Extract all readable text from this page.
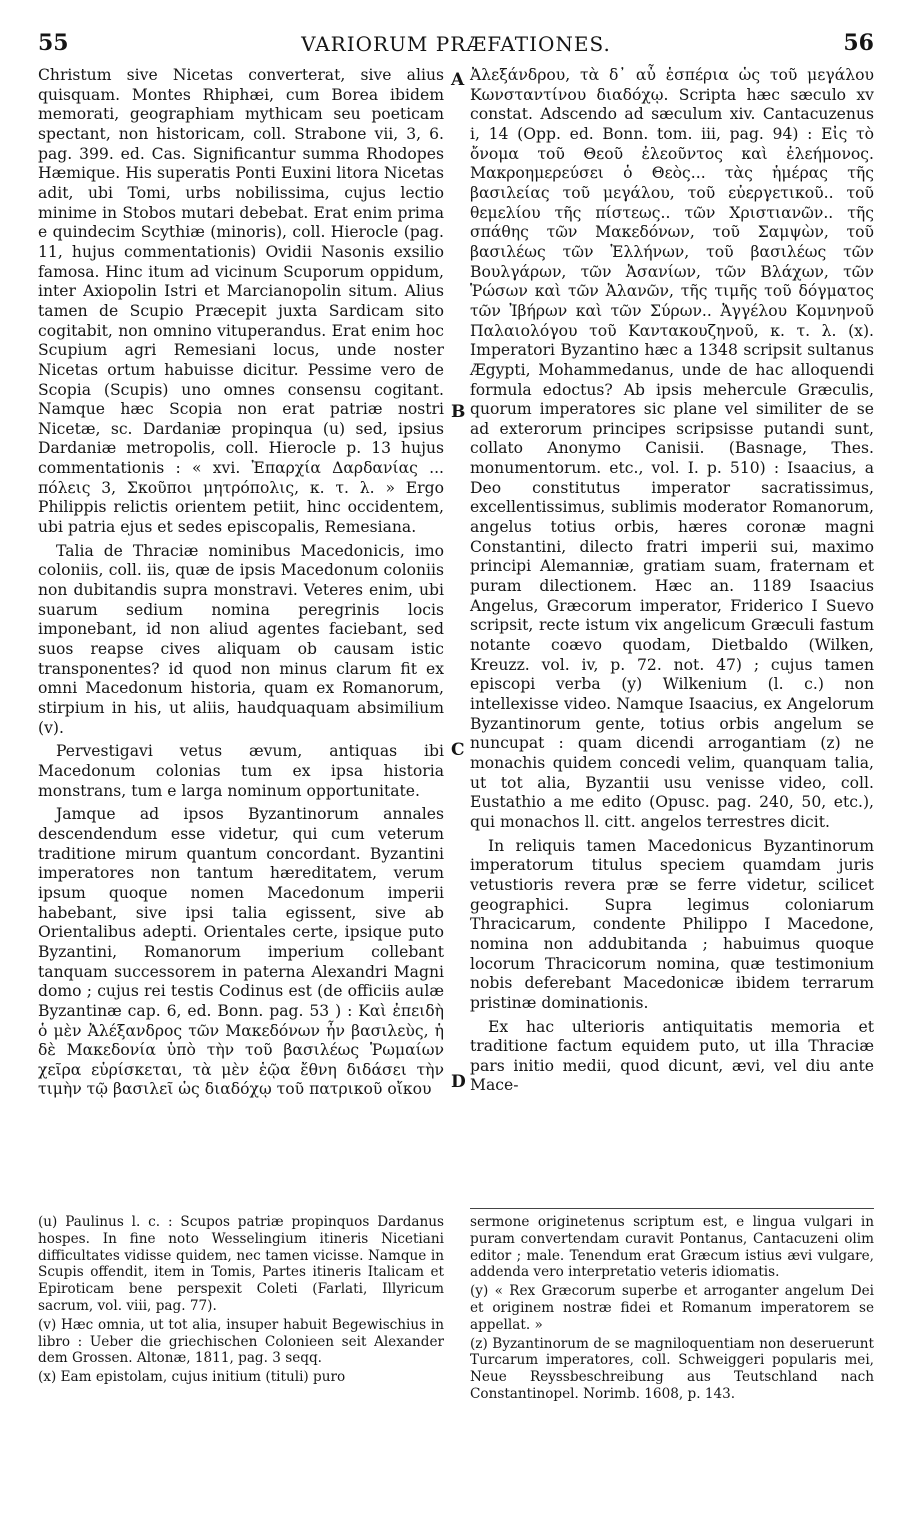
55	VARIORUM PRÆFATIONES.	56
A
B
C
D

Christum sive Nicetas converterat, sive alius quisquam. Montes Rhiphæi, cum Borea ibidem memorati, geographiam mythicam seu poeticam spectant, non historicam, coll. Strabone vii, 3, 6. pag. 399. ed. Cas. Significantur summa Rhodopes Hæmique. His superatis Ponti Euxini litora Nicetas adit, ubi Tomi, urbs nobilissima, cujus lectio minime in Stobos mutari debebat. Erat enim prima e quindecim Scythiæ (minoris), coll. Hierocle (pag. 11, hujus commentationis) Ovidii Nasonis exsilio famosa. Hinc itum ad vicinum Scuporum oppidum, inter Axiopolin Istri et Marcianopolin situm. Alius tamen de Scupio Præcepit juxta Sardicam sito cogitabit, non omnino vituperandus. Erat enim hoc Scupium agri Remesiani locus, unde noster Nicetas ortum habuisse dicitur. Pessime vero de Scopia (Scupis) uno omnes consensu cogitant. Namque hæc Scopia non erat patriæ nostri Nicetæ, sc. Dardaniæ propinqua (u) sed, ipsius Dardaniæ metropolis, coll. Hierocle p. 13 hujus commentationis : « xvi. Ἐπαρχία Δαρδανίας ... πόλεις 3, Σκοῦποι μητρόπολις, κ. τ. λ. » Ergo Philippis relictis orientem petiit, hinc occidentem, ubi patria ejus et sedes episcopalis, Remesiana.

Talia de Thraciæ nominibus Macedonicis, imo coloniis, coll. iis, quæ de ipsis Macedonum coloniis non dubitandis supra monstravi. Veteres enim, ubi suarum sedium nomina peregrinis locis imponebant, id non aliud agentes faciebant, sed suos reapse cives aliquam ob causam istic transponentes? id quod non minus clarum fit ex omni Macedonum historia, quam ex Romanorum, stirpium in his, ut aliis, haudquaquam absimilium (v).

Pervestigavi vetus ævum, antiquas ibi Macedonum colonias tum ex ipsa historia monstrans, tum e larga nominum opportunitate.

Jamque ad ipsos Byzantinorum annales descendendum esse videtur, qui cum veterum traditione mirum quantum concordant. Byzantini imperatores non tantum hæreditatem, verum ipsum quoque nomen Macedonum imperii habebant, sive ipsi talia egissent, sive ab Orientalibus adepti. Orientales certe, ipsique puto Byzantini, Romanorum imperium collebant tanquam successorem in paterna Alexandri Magni domo ; cujus rei testis Codinus est (de officiis aulæ Byzantinæ cap. 6, ed. Bonn. pag. 53 ) : Καὶ ἐπειδὴ ὁ μὲν Ἀλέξανδρος τῶν Μακεδόνων ἦν βασιλεὺς, ἡ δὲ Μακεδονία ὑπὸ τὴν τοῦ βασιλέως Ῥωμαίων χεῖρα εὑρίσκεται, τὰ μὲν ἑῷα ἔθνη διδάσει τὴν τιμὴν τῷ βασιλεῖ ὡς διαδόχῳ τοῦ πατρικοῦ οἴκου

Ἀλεξάνδρου, τὰ δ᾽ αὖ ἑσπέρια ὡς τοῦ μεγάλου Κωνσταντίνου διαδόχῳ. Scripta hæc sæculo xv constat. Adscendo ad sæculum xiv. Cantacuzenus i, 14 (Opp. ed. Bonn. tom. iii, pag. 94) : Εἰς τὸ ὄνομα τοῦ Θεοῦ ἐλεοῦντος καὶ ἐλεήμονος. Μακροημερεύσει ὁ Θεὸς... τὰς ἡμέρας τῆς βασιλείας τοῦ μεγάλου, τοῦ εὐεργετικοῦ.. τοῦ θεμελίου τῆς πίστεως.. τῶν Χριστιανῶν.. τῆς σπάθης τῶν Μακεδόνων, τοῦ Σαμψὼν, τοῦ βασιλέως τῶν Ἑλλήνων, τοῦ βασιλέως τῶν Βουλγάρων, τῶν Ἀσανίων, τῶν Βλάχων, τῶν Ῥώσων καὶ τῶν Ἀλανῶν, τῆς τιμῆς τοῦ δόγματος τῶν Ἰβήρων καὶ τῶν Σύρων.. Ἀγγέλου Κομνηνοῦ Παλαιολόγου τοῦ Καντακουζηνοῦ, κ. τ. λ. (x). Imperatori Byzantino hæc a 1348 scripsit sultanus Ægypti, Mohammedanus, unde de hac alloquendi formula edoctus? Ab ipsis mehercule Græculis, quorum imperatores sic plane vel similiter de se ad exterorum principes scripsisse putandi sunt, collato Anonymo Canisii. (Basnage, Thes. monumentorum. etc., vol. I. p. 510) : Isaacius, a Deo constitutus imperator sacratissimus, excellentissimus, sublimis moderator Romanorum, angelus totius orbis, hæres coronæ magni Constantini, dilecto fratri imperii sui, maximo principi Alemanniæ, gratiam suam, fraternam et puram dilectionem. Hæc an. 1189 Isaacius Angelus, Græcorum imperator, Friderico I Suevo scripsit, recte istum vix angelicum Græculi fastum notante coævo quodam, Dietbaldo (Wilken, Kreuzz. vol. iv, p. 72. not. 47) ; cujus tamen episcopi verba (y) Wilkenium (l. c.) non intellexisse video. Namque Isaacius, ex Angelorum Byzantinorum gente, totius orbis angelum se nuncupat : quam dicendi arrogantiam (z) ne monachis quidem concedi velim, quanquam talia, ut tot alia, Byzantii usu venisse video, coll. Eustathio a me edito (Opusc. pag. 240, 50, etc.), qui monachos ll. citt. angelos terrestres dicit.

In reliquis tamen Macedonicus Byzantinorum imperatorum titulus speciem quamdam juris vetustioris revera præ se ferre videtur, scilicet geographici. Supra legimus coloniarum Thracicarum, condente Philippo I Macedone, nomina non addubitanda ; habuimus quoque locorum Thracicorum nomina, quæ testimonium nobis deferebant Macedonicæ ibidem terrarum pristinæ dominationis.

Ex hac ulterioris antiquitatis memoria et traditione factum equidem puto, ut illa Thraciæ pars initio medii, quod dicunt, ævi, vel diu ante Mace-

(u) Paulinus l. c. : Scupos patriæ propinquos Dardanus hospes. In fine noto Wesselingium itineris Nicetiani difficultates vidisse quidem, nec tamen vicisse. Namque in Scupis offendit, item in Tomis, Partes itineris Italicam et Epiroticam bene perspexit Coleti (Farlati, Illyricum sacrum, vol. viii, pag. 77).

(v) Hæc omnia, ut tot alia, insuper habuit Begewischius in libro : Ueber die griechischen Colonieen seit Alexander dem Grossen. Altonæ, 1811, pag. 3 seqq.

(x) Eam epistolam, cujus initium (tituli) puro

sermone originetenus scriptum est, e lingua vulgari in puram convertendam curavit Pontanus, Cantacuzeni olim editor ; male. Tenendum erat Græcum istius ævi vulgare, addenda vero interpretatio veteris idiomatis.

(y) « Rex Græcorum superbe et arroganter angelum Dei et originem nostræ fidei et Romanum imperatorem se appellat. »

(z) Byzantinorum de se magniloquentiam non deseruerunt Turcarum imperatores, coll. Schweiggeri popularis mei, Neue Reyssbeschreibung aus Teutschland nach Constantinopel. Norimb. 1608, p. 143.
